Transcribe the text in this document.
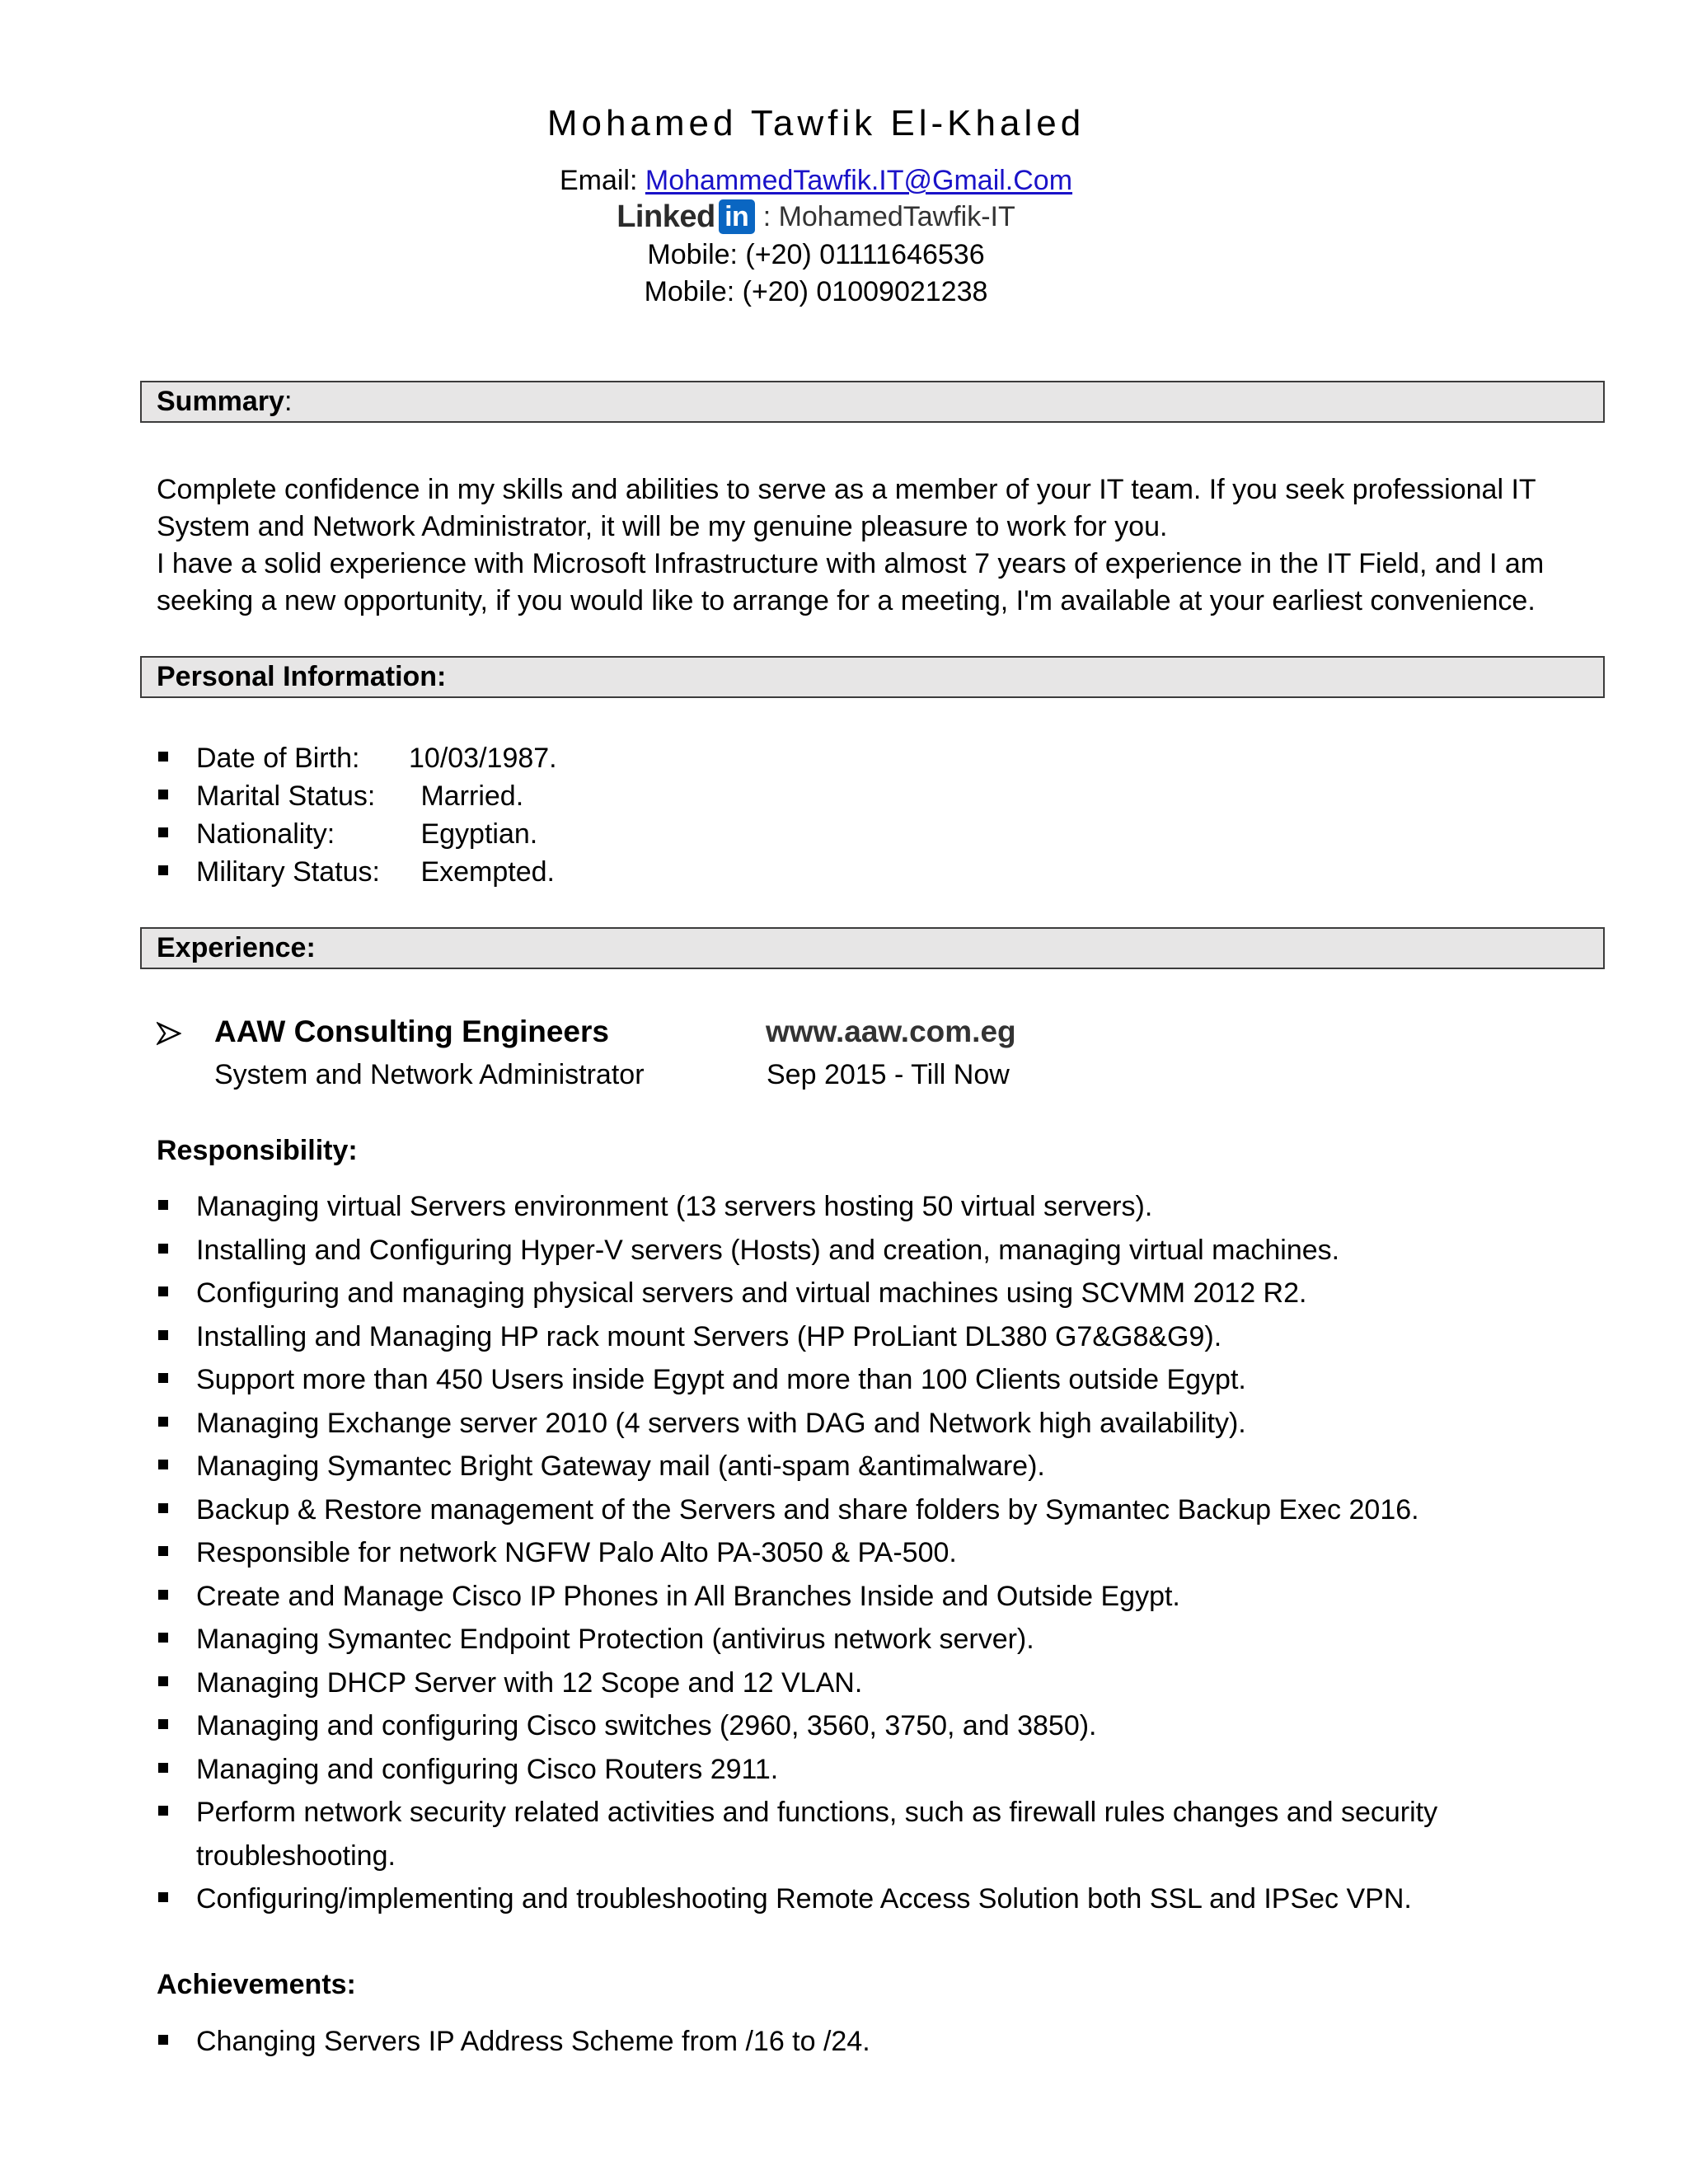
Mohamed Tawfik El-Khaled
Email: MohammedTawfik.IT@Gmail.Com
Linked in : MohamedTawfik-IT
Mobile: (+20) 01111646536
Mobile: (+20) 01009021238
Summary:
Complete confidence in my skills and abilities to serve as a member of your IT team. If you seek professional IT
System and Network Administrator, it will be my genuine pleasure to work for you.
I have a solid experience with Microsoft Infrastructure with almost 7 years of experience in the IT Field, and I am
seeking a new opportunity, if you would like to arrange for a meeting, I'm available at your earliest convenience.
Personal Information:
Date of Birth: 10/03/1987.
Marital Status: Married.
Nationality:	Egyptian.
Military Status: Exempted.
Experience:
AAW Consulting Engineers	www.aaw.com.eg
System and Network Administrator	Sep 2015 - Till Now
Responsibility:
Managing virtual Servers environment (13 servers hosting 50 virtual servers).
Installing and Configuring Hyper-V servers (Hosts) and creation, managing virtual machines.
Configuring and managing physical servers and virtual machines using SCVMM 2012 R2.
Installing and Managing HP rack mount Servers (HP ProLiant DL380 G7&G8&G9).
Support more than 450 Users inside Egypt and more than 100 Clients outside Egypt.
Managing Exchange server 2010 (4 servers with DAG and Network high availability).
Managing Symantec Bright Gateway mail (anti-spam &antimalware).
Backup & Restore management of the Servers and share folders by Symantec Backup Exec 2016.
Responsible for network NGFW Palo Alto PA-3050 & PA-500.
Create and Manage Cisco IP Phones in All Branches Inside and Outside Egypt.
Managing Symantec Endpoint Protection (antivirus network server).
Managing DHCP Server with 12 Scope and 12 VLAN.
Managing and configuring Cisco switches (2960, 3560, 3750, and 3850).
Managing and configuring Cisco Routers 2911.
Perform network security related activities and functions, such as firewall rules changes and security
troubleshooting.
Configuring/implementing and troubleshooting Remote Access Solution both SSL and IPSec VPN.
Achievements:
Changing Servers IP Address Scheme from /16 to /24.
